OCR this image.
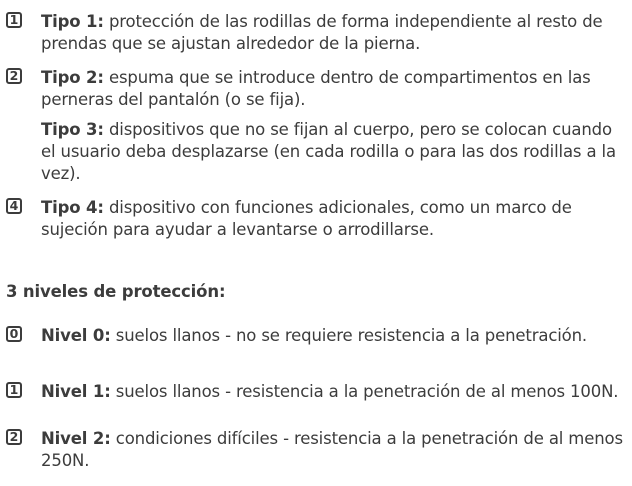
1 Tipo 1: protección de las rodillas de forma independiente al resto de prendas que se ajustan alrededor de la pierna.
2 Tipo 2: espuma que se introduce dentro de compartimentos en las perneras del pantalón (o se fija).
Tipo 3: dispositivos que no se fijan al cuerpo, pero se colocan cuando el usuario deba desplazarse (en cada rodilla o para las dos rodillas a la vez).
4 Tipo 4: dispositivo con funciones adicionales, como un marco de sujeción para ayudar a levantarse o arrodillarse.
3 niveles de protección:
0 Nivel 0: suelos llanos - no se requiere resistencia a la penetración.
1 Nivel 1: suelos llanos - resistencia a la penetración de al menos 100N.
2 Nivel 2: condiciones difíciles - resistencia a la penetración de al menos 250N.
